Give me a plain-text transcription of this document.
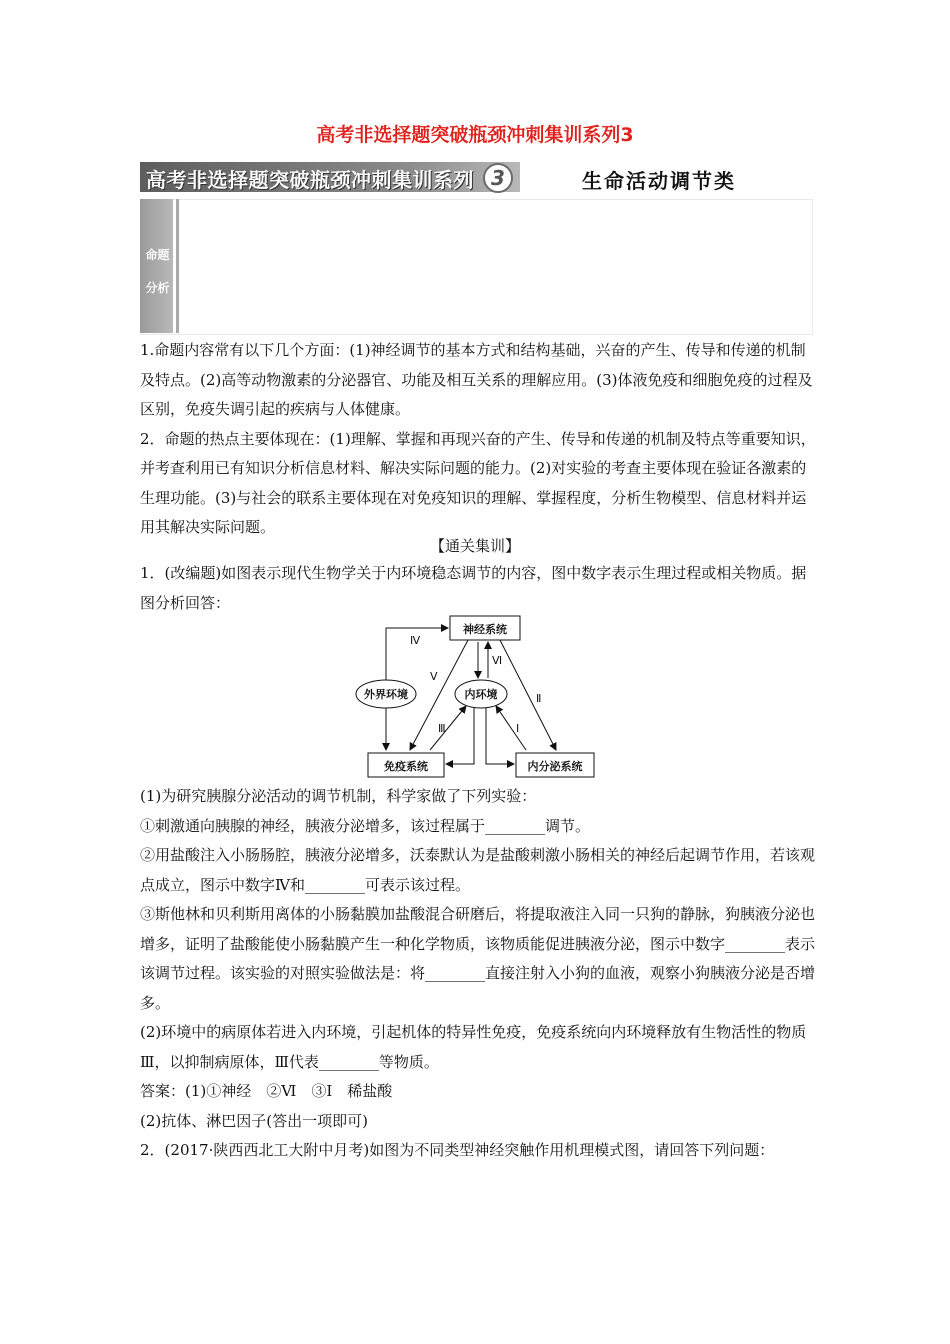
高考非选择题突破瓶颈冲刺集训系列3
高考非选择题突破瓶颈冲刺集训系列 3	生命活动调节类
命题
分析

1.命题内容常有以下几个方面：(1)神经调节的基本方式和结构基础，兴奋的产生、传导和传递的机制及特点。(2)高等动物激素的分泌器官、功能及相互关系的理解应用。(3)体液免疫和细胞免疫的过程及区别，免疫失调引起的疾病与人体健康。

2．命题的热点主要体现在：(1)理解、掌握和再现兴奋的产生、传导和传递的机制及特点等重要知识，并考查利用已有知识分析信息材料、解决实际问题的能力。(2)对实验的考查主要体现在验证各激素的生理功能。(3)与社会的联系主要体现在对免疫知识的理解、掌握程度，分析生物模型、信息材料并运用其解决实际问题。

【通关集训】

1．(改编题)如图表示现代生物学关于内环境稳态调节的内容，图中数字表示生理过程或相关物质。据图分析回答：

神经系统
外界环境	内环境
免疫系统	内分泌系统
Ⅳ
Ⅴ
Ⅵ
Ⅱ
Ⅲ	Ⅰ

(1)为研究胰腺分泌活动的调节机制，科学家做了下列实验：

①刺激通向胰腺的神经，胰液分泌增多，该过程属于________调节。

②用盐酸注入小肠肠腔，胰液分泌增多，沃泰默认为是盐酸刺激小肠相关的神经后起调节作用，若该观点成立，图示中数字Ⅳ和________可表示该过程。

③斯他林和贝利斯用离体的小肠黏膜加盐酸混合研磨后，将提取液注入同一只狗的静脉，狗胰液分泌也增多，证明了盐酸能使小肠黏膜产生一种化学物质，该物质能促进胰液分泌，图示中数字________表示该调节过程。该实验的对照实验做法是：将________直接注射入小狗的血液，观察小狗胰液分泌是否增多。

(2)环境中的病原体若进入内环境，引起机体的特异性免疫，免疫系统向内环境释放有生物活性的物质Ⅲ，以抑制病原体，Ⅲ代表________等物质。

答案：(1)①神经　②Ⅵ　③Ⅰ　稀盐酸

(2)抗体、淋巴因子(答出一项即可)

2．(2017·陕西西北工大附中月考)如图为不同类型神经突触作用机理模式图，请回答下列问题：
